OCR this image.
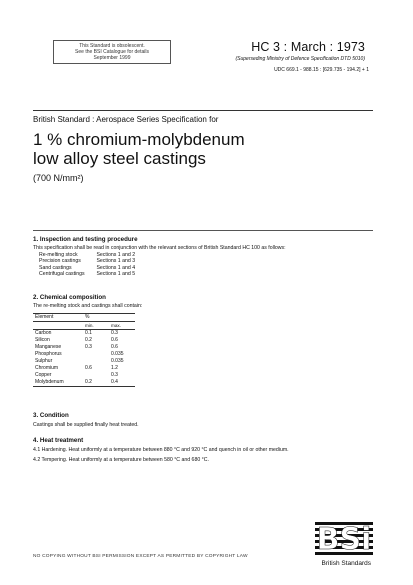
This Standard is obsolescent.
See the BSI Catalogue for details
September 1999
HC 3 : March : 1973
(Superseding Ministry of Defence Specification DTD 5010)
UDC 669.1 - 988.15 : [629.735 - 194.2] + 1
British Standard : Aerospace Series Specification for
1 % chromium-molybdenum
low alloy steel castings
(700 N/mm²)
1. Inspection and testing procedure
This specification shall be read in conjunction with the relevant sections of British Standard HC 100 as follows:
Re-melting stock	Sections 1 and 2
Precision castings	Sections 1 and 3
Sand castings	Sections 1 and 4
Centrifugal castings Sections 1 and 5
2. Chemical composition
The re-melting stock and castings shall contain:
Element	%	
	min.	max.
Carbon	0.1	0.3
Silicon	0.2	0.6
Manganese	0.3	0.6
Phosphorus		0.035
Sulphur		0.035
Chromium	0.6	1.2
Copper		0.3
Molybdenum	0.2	0.4
3. Condition
Castings shall be supplied finally heat treated.
4. Heat treatment
4.1 Hardening. Heat uniformly at a temperature between 880 °C and 920 °C and quench in oil or other medium.
4.2 Tempering. Heat uniformly at a temperature between 580 °C and 680 °C.
NO COPYING WITHOUT BSI PERMISSION EXCEPT AS PERMITTED BY COPYRIGHT LAW BSi
British Standards
